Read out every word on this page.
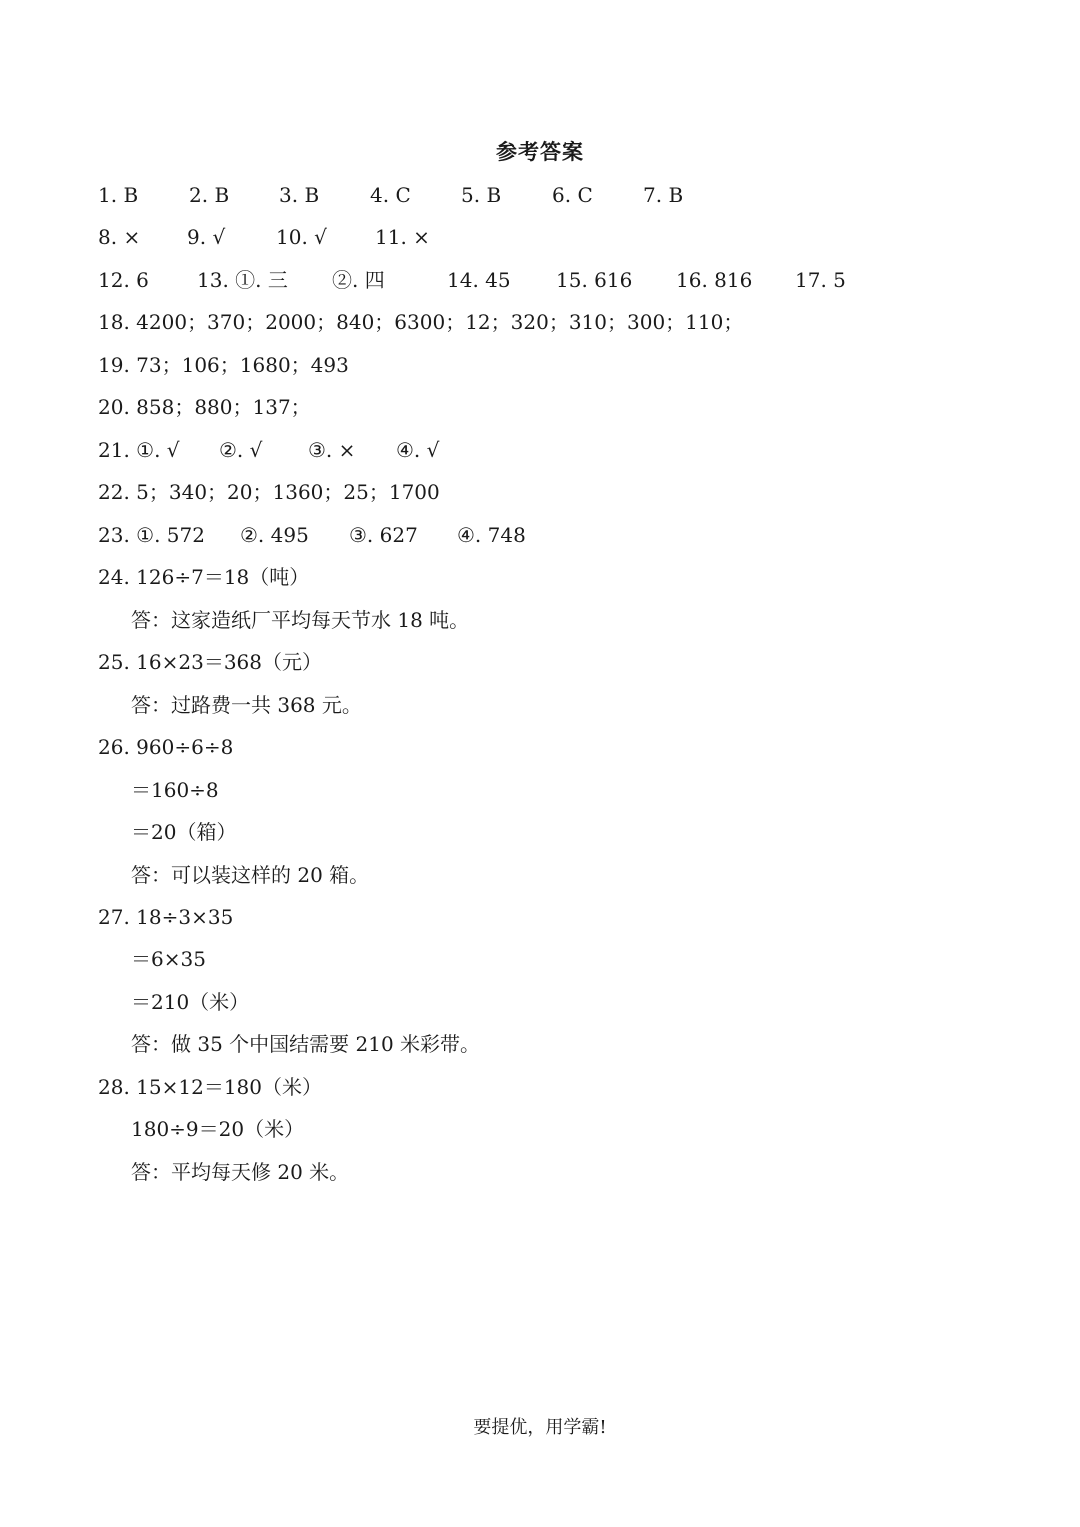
参考答案
1. B	2. B 3. B	4. C	5. B	6. C	7. B
8. × 9. √	10. √ 11. ×
12. 6 13. ①. 三 ②. 四	14. 45 15. 616 16. 816 17. 5
18. 4200；370；2000；840；6300；12；320；310；300；110；
19. 73；106；1680；493
20. 858；880；137；
21. ①. √ ②. √ ③. × ④. √
22. 5；340；20；1360；25；1700
23. ①. 572 ②. 495 ③. 627 ④. 748
24. 126÷7＝18（吨）
答：这家造纸厂平均每天节水 18 吨。
25. 16×23＝368（元）
答：过路费一共 368 元。
26. 960÷6÷8
＝160÷8
＝20（箱）
答：可以装这样的 20 箱。
27. 18÷3×35
＝6×35
＝210（米）
答：做 35 个中国结需要 210 米彩带。
28. 15×12＝180（米）
180÷9＝20（米）
答：平均每天修 20 米。
要提优，用学霸!
